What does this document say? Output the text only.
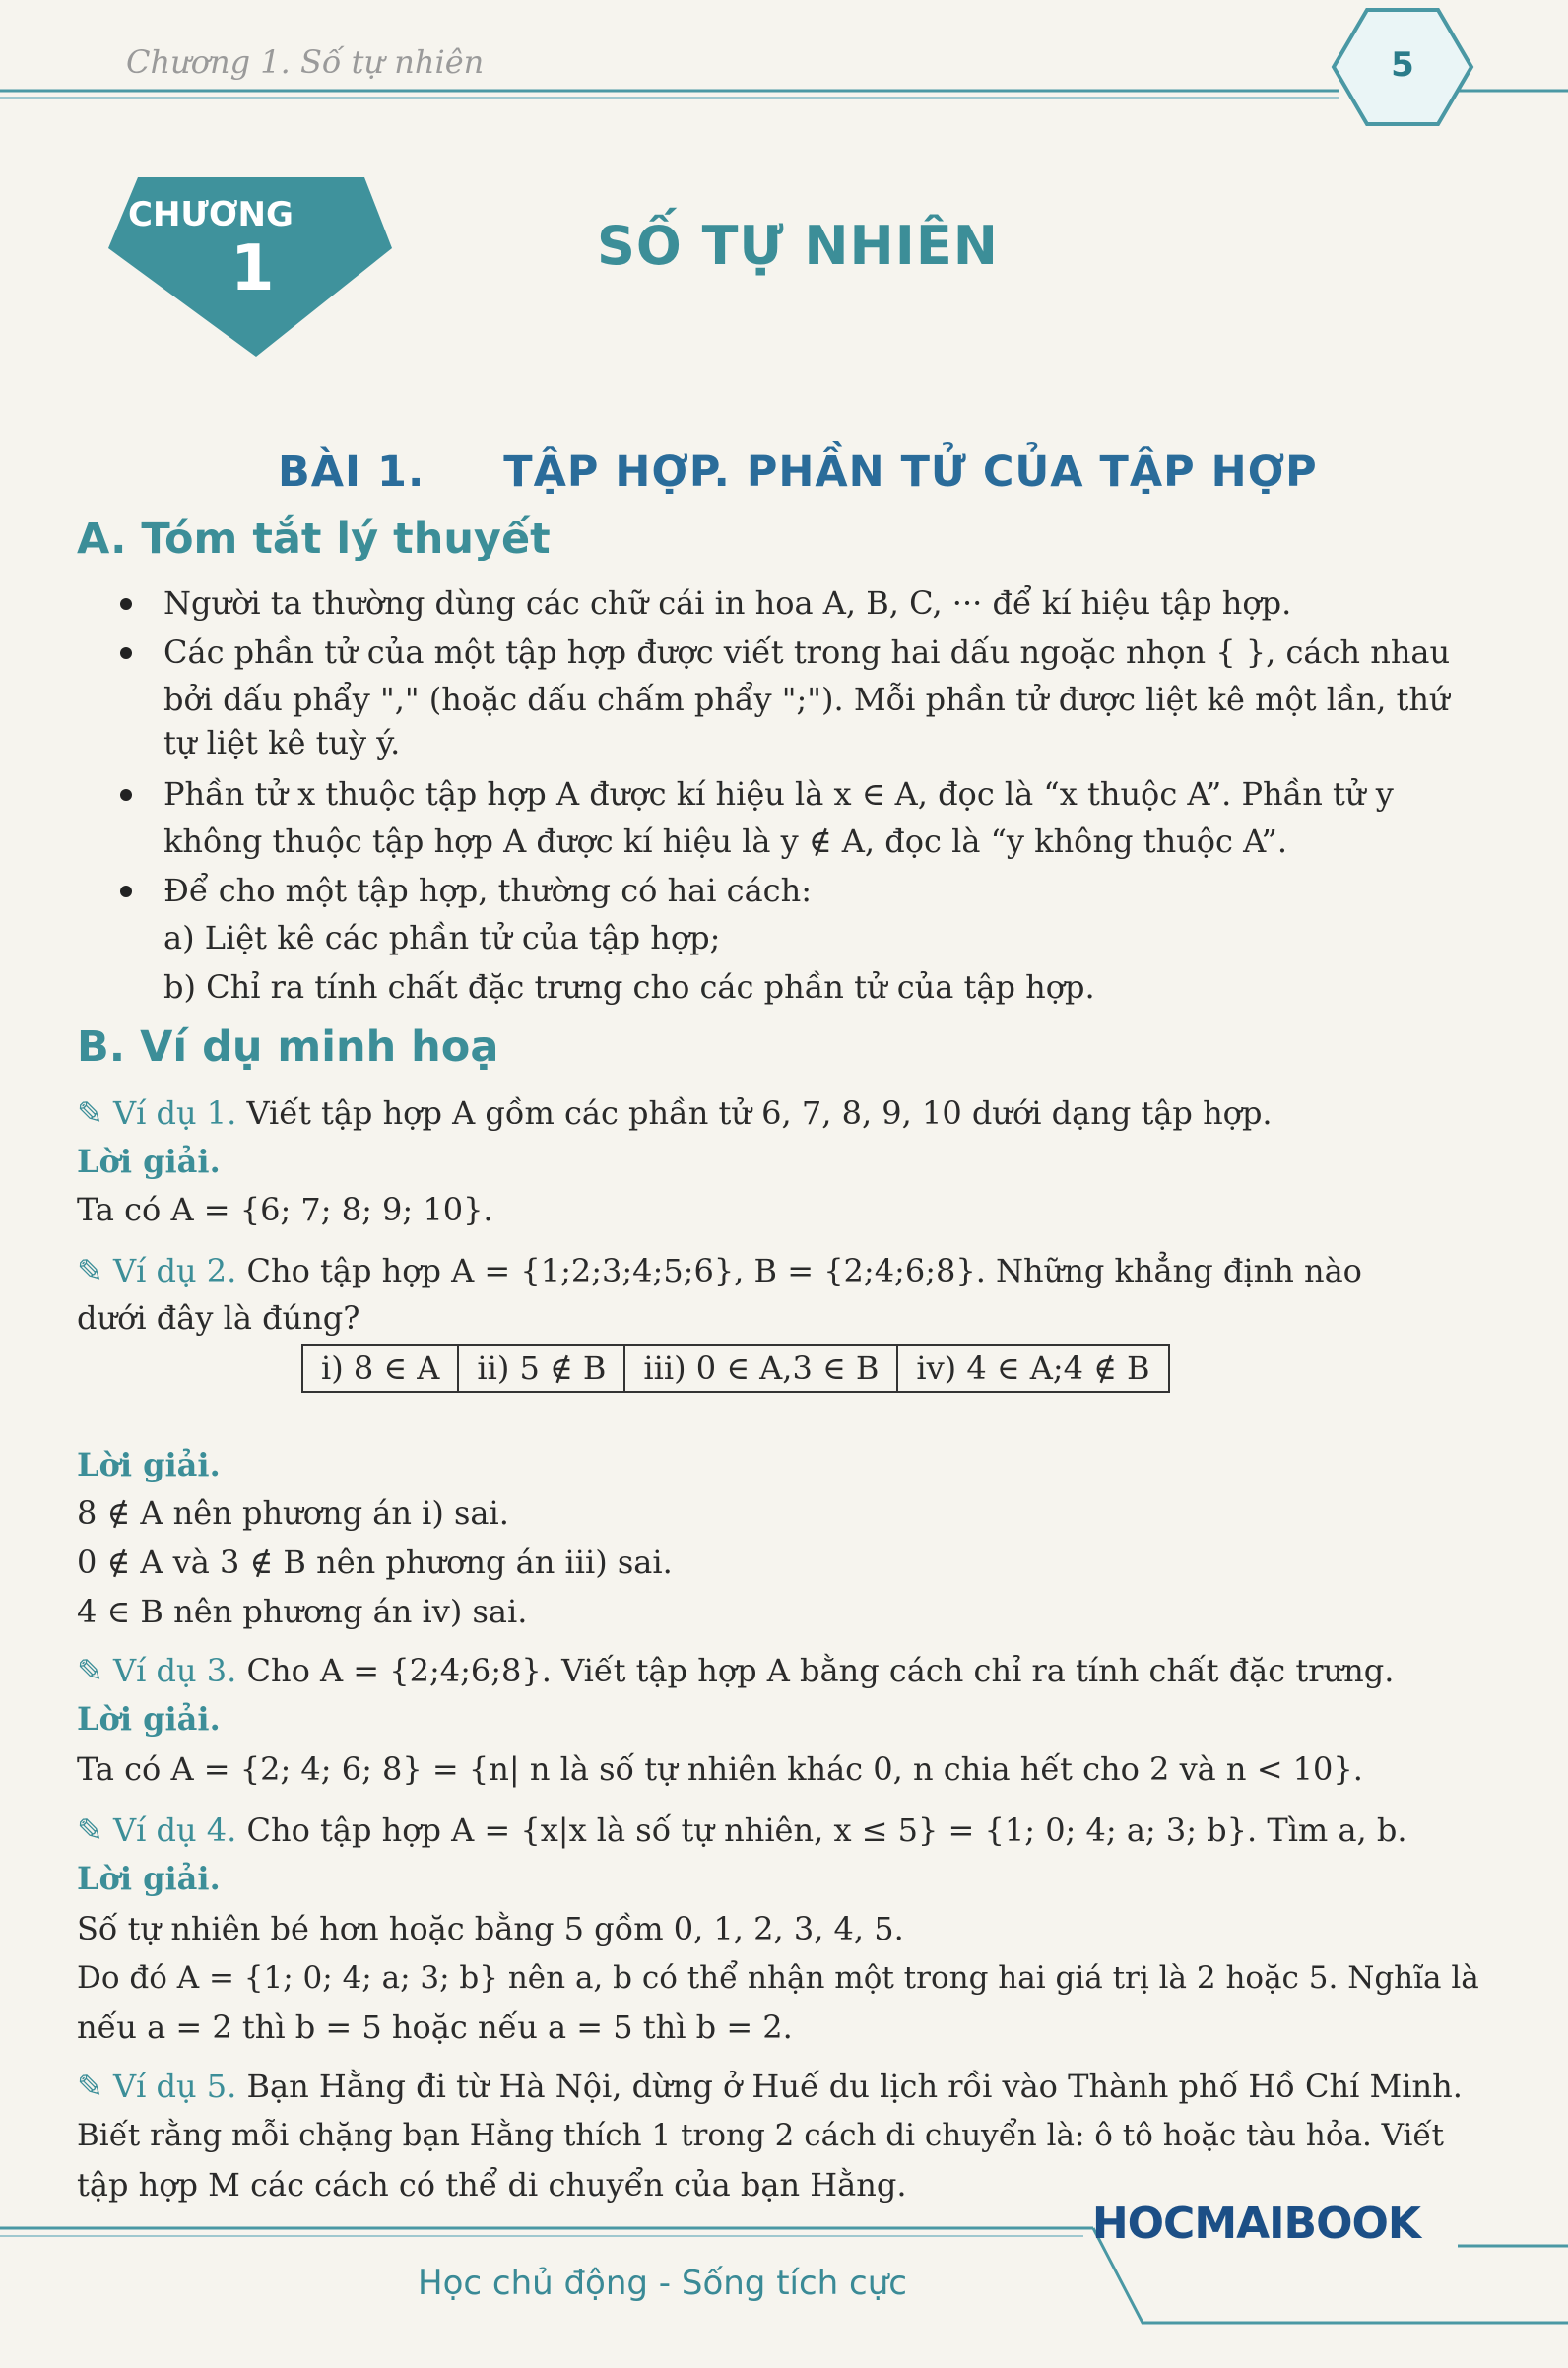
Chương 1. Số tự nhiên	5
CHƯƠNG
1	SỐ TỰ NHIÊN
BÀI 1. TẬP HỢP. PHẦN TỬ CỦA TẬP HỢP
A. Tóm tắt lý thuyết
Người ta thường dùng các chữ cái in hoa A, B, C, ··· để kí hiệu tập hợp.
Các phần tử của một tập hợp được viết trong hai dấu ngoặc nhọn { }, cách nhau
bởi dấu phẩy "," (hoặc dấu chấm phẩy ";"). Mỗi phần tử được liệt kê một lần, thứ
tự liệt kê tuỳ ý.
Phần tử x thuộc tập hợp A được kí hiệu là x ∈ A, đọc là “x thuộc A”. Phần tử y
không thuộc tập hợp A được kí hiệu là y ∉ A, đọc là “y không thuộc A”.
Để cho một tập hợp, thường có hai cách:
a) Liệt kê các phần tử của tập hợp;
b) Chỉ ra tính chất đặc trưng cho các phần tử của tập hợp.
B. Ví dụ minh hoạ
✎ Ví dụ 1. Viết tập hợp A gồm các phần tử 6, 7, 8, 9, 10 dưới dạng tập hợp.
Lời giải.
Ta có A = {6; 7; 8; 9; 10}.
✎ Ví dụ 2. Cho tập hợp A = {1;2;3;4;5;6}, B = {2;4;6;8}. Những khẳng định nào
dưới đây là đúng?
i) 8 ∈ A	ii) 5 ∉ B	iii) 0 ∈ A,3 ∈ B	iv) 4 ∈ A;4 ∉ B
Lời giải.
8 ∉ A nên phương án i) sai.
0 ∉ A và 3 ∉ B nên phương án iii) sai.
4 ∈ B nên phương án iv) sai.
✎ Ví dụ 3. Cho A = {2;4;6;8}. Viết tập hợp A bằng cách chỉ ra tính chất đặc trưng.
Lời giải.
Ta có A = {2; 4; 6; 8} = {n| n là số tự nhiên khác 0, n chia hết cho 2 và n < 10}.
✎ Ví dụ 4. Cho tập hợp A = {x|x là số tự nhiên, x ≤ 5} = {1; 0; 4; a; 3; b}. Tìm a, b.
Lời giải.
Số tự nhiên bé hơn hoặc bằng 5 gồm 0, 1, 2, 3, 4, 5.
Do đó A = {1; 0; 4; a; 3; b} nên a, b có thể nhận một trong hai giá trị là 2 hoặc 5. Nghĩa là
nếu a = 2 thì b = 5 hoặc nếu a = 5 thì b = 2.
✎ Ví dụ 5. Bạn Hằng đi từ Hà Nội, dừng ở Huế du lịch rồi vào Thành phố Hồ Chí Minh.
Biết rằng mỗi chặng bạn Hằng thích 1 trong 2 cách di chuyển là: ô tô hoặc tàu hỏa. Viết
tập hợp M các cách có thể di chuyển của bạn Hằng.
HOCMAIBOOK
Học chủ động - Sống tích cực
